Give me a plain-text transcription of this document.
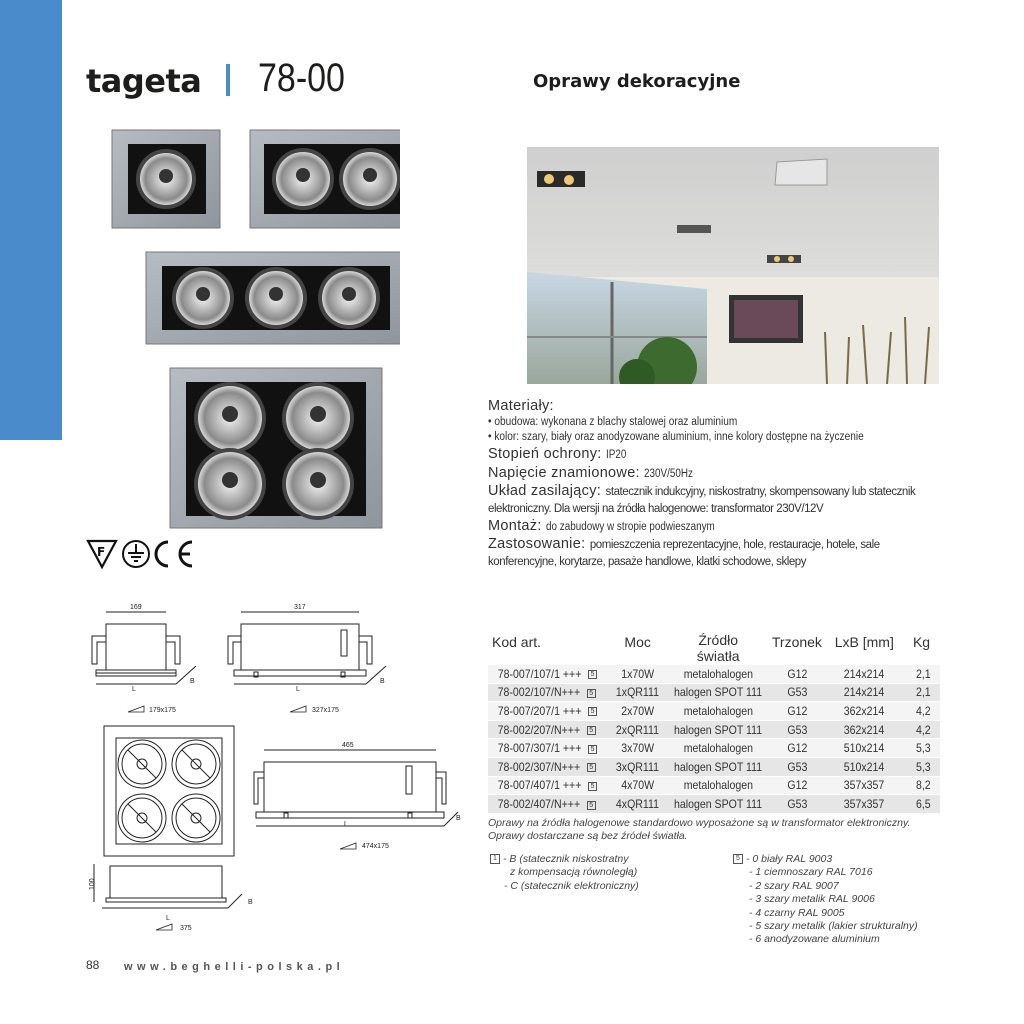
tageta 78-00	Oprawy dekoracyjne
Materiały:
• obudowa: wykonana z blachy stalowej oraz aluminium
• kolor: szary, biały oraz anodyzowane aluminium, inne kolory dostępne na życzenie
Stopień ochrony: IP20
Napięcie znamionowe: 230V/50Hz
Układ zasilający: statecznik indukcyjny, niskostratny, skompensowany lub statecznik elektroniczny. Dla wersji na źródła halogenowe: transformator 230V/12V
Montaż: do zabudowy w stropie podwieszanym
Zastosowanie: pomieszczenia reprezentacyjne, hole, restauracje, hotele, sale konferencyjne, korytarze, pasaże handlowe, klatki schodowe, sklepy
F
169
L
B
179x175
317
L
B
327x175
465
L
B
474x175
100
L
B
375
Kod art.	Moc	Źródło światła	Trzonek	LxB [mm]	Kg
78-007/107/1 +++ 5	1x70W	metalohalogen	G12	214x214	2,1
78-002/107/N+++ 5	1xQR111	halogen SPOT 111	G53	214x214	2,1
78-007/207/1 +++ 5	2x70W	metalohalogen	G12	362x214	4,2
78-002/207/N+++ 5	2xQR111	halogen SPOT 111	G53	362x214	4,2
78-007/307/1 +++ 5	3x70W	metalohalogen	G12	510x214	5,3
78-002/307/N+++ 5	3xQR111	halogen SPOT 111	G53	510x214	5,3
78-007/407/1 +++ 5	4x70W	metalohalogen	G12	357x357	8,2
78-002/407/N+++ 5	4xQR111	halogen SPOT 111	G53	357x357	6,5
Oprawy na źródła halogenowe standardowo wyposażone są w transformator elektroniczny.
Oprawy dostarczane są bez źródeł światła.
1 - B (statecznik niskostratny
z kompensacją równoległą)
- C (statecznik elektroniczny)
5 - 0 biały RAL 9003
- 1 ciemnoszary RAL 7016
- 2 szary RAL 9007
- 3 szary metalik RAL 9006
- 4 czarny RAL 9005
- 5 szary metalik (lakier strukturalny)
- 6 anodyzowane aluminium
88 www.beghelli-polska.pl
